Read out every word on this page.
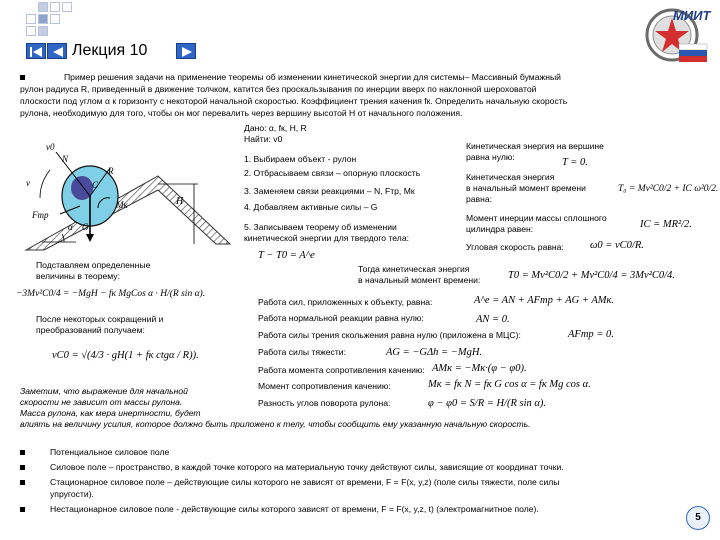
Лекция 10
МИИТ
Пример решения задачи на применение теоремы об изменении кинетической энергии для системы– Массивный бумажный
рулон радиуса R, приведенный в движение толчком, катится без проскальзывания по инерции вверх по наклонной шероховатой
плоскости под углом α к горизонту с некоторой начальной скоростью. Коэффициент трения качения fк. Определить начальную скорость
рулона, необходимую для того, чтобы он мог перевалить через вершину высотой H от начального положения.
Дано: α, fк, H, R
Найти: v0
v0
N
v
R
C
Mк
Fтр
G
α
H
1. Выбираем объект - рулон
2. Отбрасываем связи – опорную плоскость
3. Заменяем связи реакциями – N, Fтр, Mк
4. Добавляем активные силы – G
5. Записываем теорему об изменении
кинетической энергии для твердого тела:
Кинетическая энергия на вершине
равна нулю:	T = 0.
Кинетическая энергия
в начальный момент времени
равна:
T₀ = Mv²C0/2 + IC ω²0/2.
Момент инерции массы сплошного
цилиндра равен:	IC = MR²/2.
Угловая скорость равна: ω0 = vC0/R.
T − T0 = A^e
Тогда кинетическая энергия
в начальный момент времени:	T0 = Mv²C0/2 + Mv²C0/4 = 3Mv²C0/4.
Подставляем определенные
величины в теорему:
−3Mv²C0/4 = −MgH − fк MgCos α · H/(R sin α).
После некоторых сокращений и
преобразований получаем:
vC0 = √(4/3 · gH(1 + fк ctgα / R)).
Работа сил, приложенных к объекту, равна:	A^e = AN + AFтр + AG + AMк.
Работа нормальной реакции равна нулю:	AN = 0.
Работа силы трения скольжения равна нулю (приложена в МЦС):	AFтр = 0.
Работа силы тяжести:	AG = −GΔh = −MgH.
Работа момента сопротивления качению: AMк = −Mк·(φ − φ0).
Момент сопротивления качению:	Mк = fк N = fк G cos α = fк Mg cos α.
Разность углов поворота рулона:	φ − φ0 = S/R = H/(R sin α).
Заметим, что выражение для начальной
скорости не зависит от массы рулона.
Масса рулона, как мера инертности, будет
влиять на величину усилия, которое должно быть приложено к телу, чтобы сообщить ему указанную начальную скорость.
Потенциальное силовое поле
Силовое поле – пространство, в каждой точке которого на материальную точку действуют силы, зависящие от координат точки.
Стационарное силовое поле – действующие силы которого не зависят от времени, F = F(x, y,z) (поле силы тяжести, поле силы
упругости).
Нестационарное силовое поле - действующие силы которого зависят от времени, F = F(x, y,z, t) (электромагнитное поле).
5
